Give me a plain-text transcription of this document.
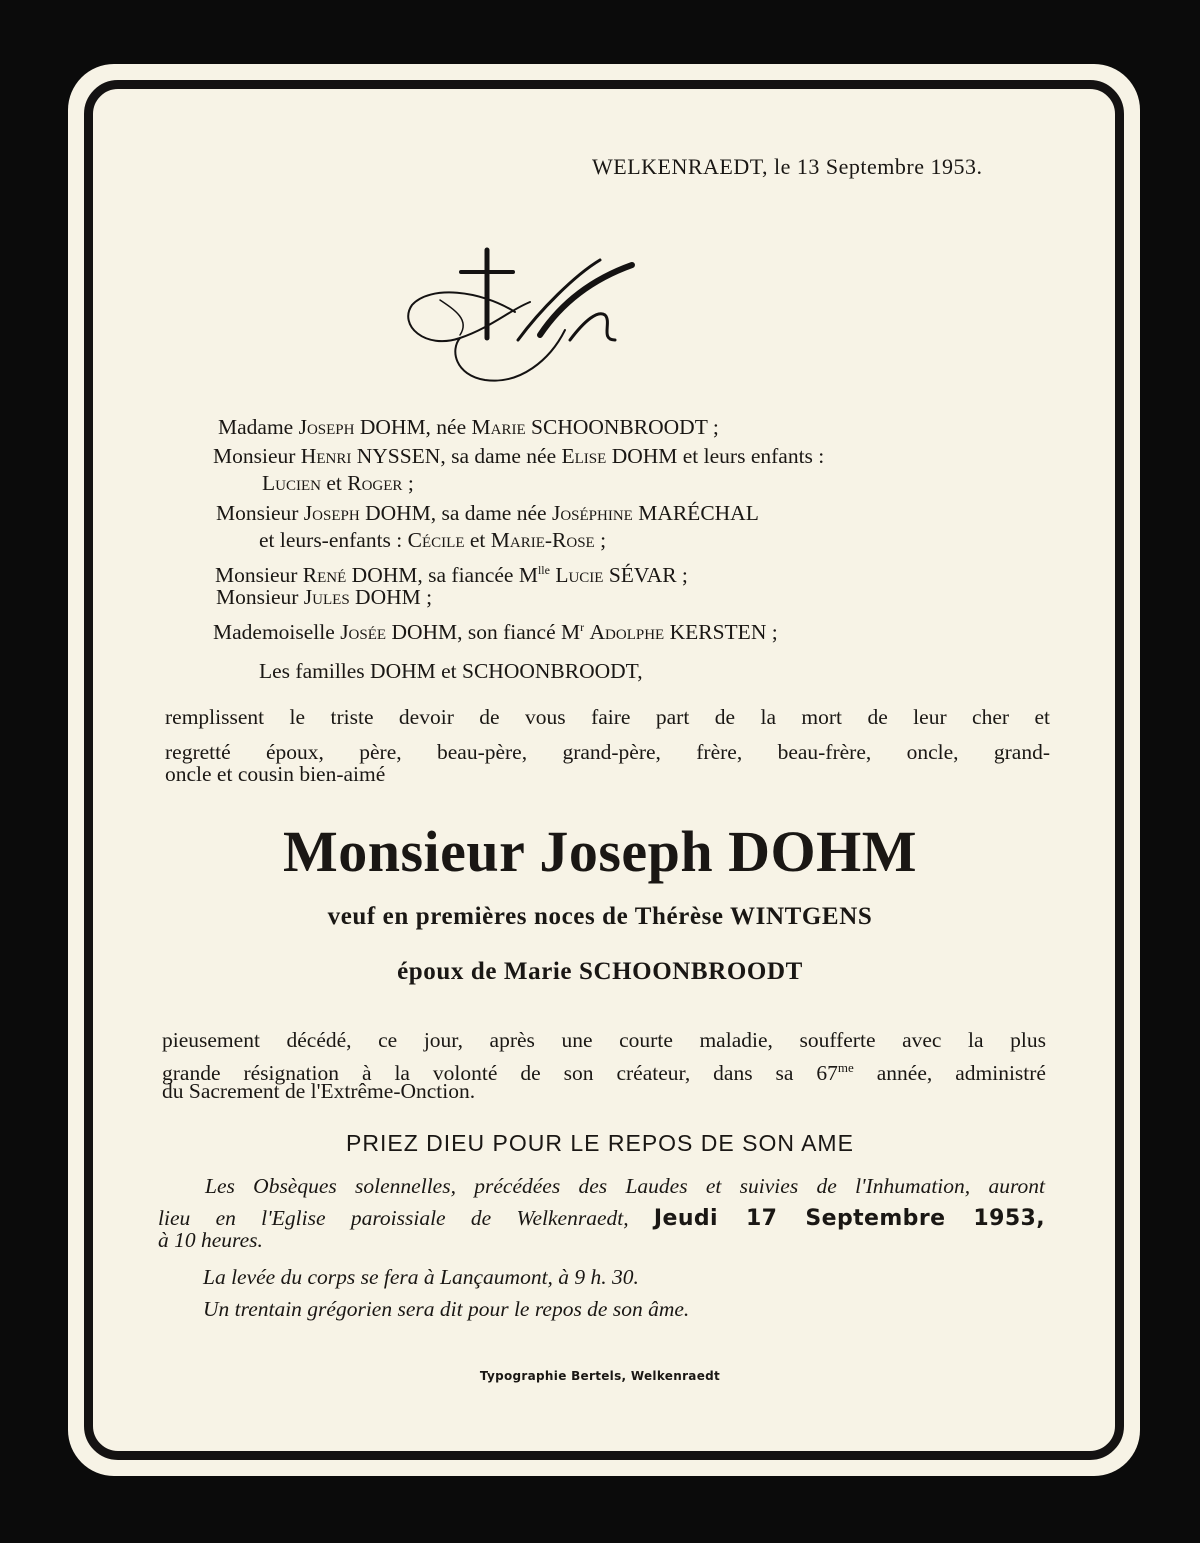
WELKENRAEDT, le 13 Septembre 1953.
Madame Joseph DOHM, née Marie SCHOONBROODT ;
Monsieur Henri NYSSEN, sa dame née Elise DOHM et leurs enfants :
Lucien et Roger ;
Monsieur Joseph DOHM, sa dame née Joséphine MARÉCHAL
et leurs-enfants : Cécile et Marie-Rose ;
Monsieur René DOHM, sa fiancée $M^{lle}$ Lucie SÉVAR ;
Monsieur Jules DOHM ;
Mademoiselle Josée DOHM, son fiancé $M^r$ Adolphe KERSTEN ;
Les familles DOHM et SCHOONBROODT,
remplissent le triste devoir de vous faire part de la mort de leur cher et
regretté époux, père, beau-père, grand-père, frère, beau-frère, oncle, grand-
oncle et cousin bien-aimé
Monsieur Joseph DOHM
veuf en premières noces de Thérèse WINTGENS
époux de Marie SCHOONBROODT
pieusement décédé, ce jour, après une courte maladie, soufferte avec la plus
grande résignation à la volonté de son créateur, dans sa $67^{me}$ année, administré
du Sacrement de l'Extrême-Onction.
PRIEZ DIEU POUR LE REPOS DE SON AME
Les Obsèques solennelles, précédées des Laudes et suivies de l'Inhumation, auront
lieu en l'Eglise paroissiale de Welkenraedt, Jeudi 17 Septembre 1953,
à 10 heures.
La levée du corps se fera à Lançaumont, à 9 h. 30.
Un trentain grégorien sera dit pour le repos de son âme.
Typographie Bertels, Welkenraedt
